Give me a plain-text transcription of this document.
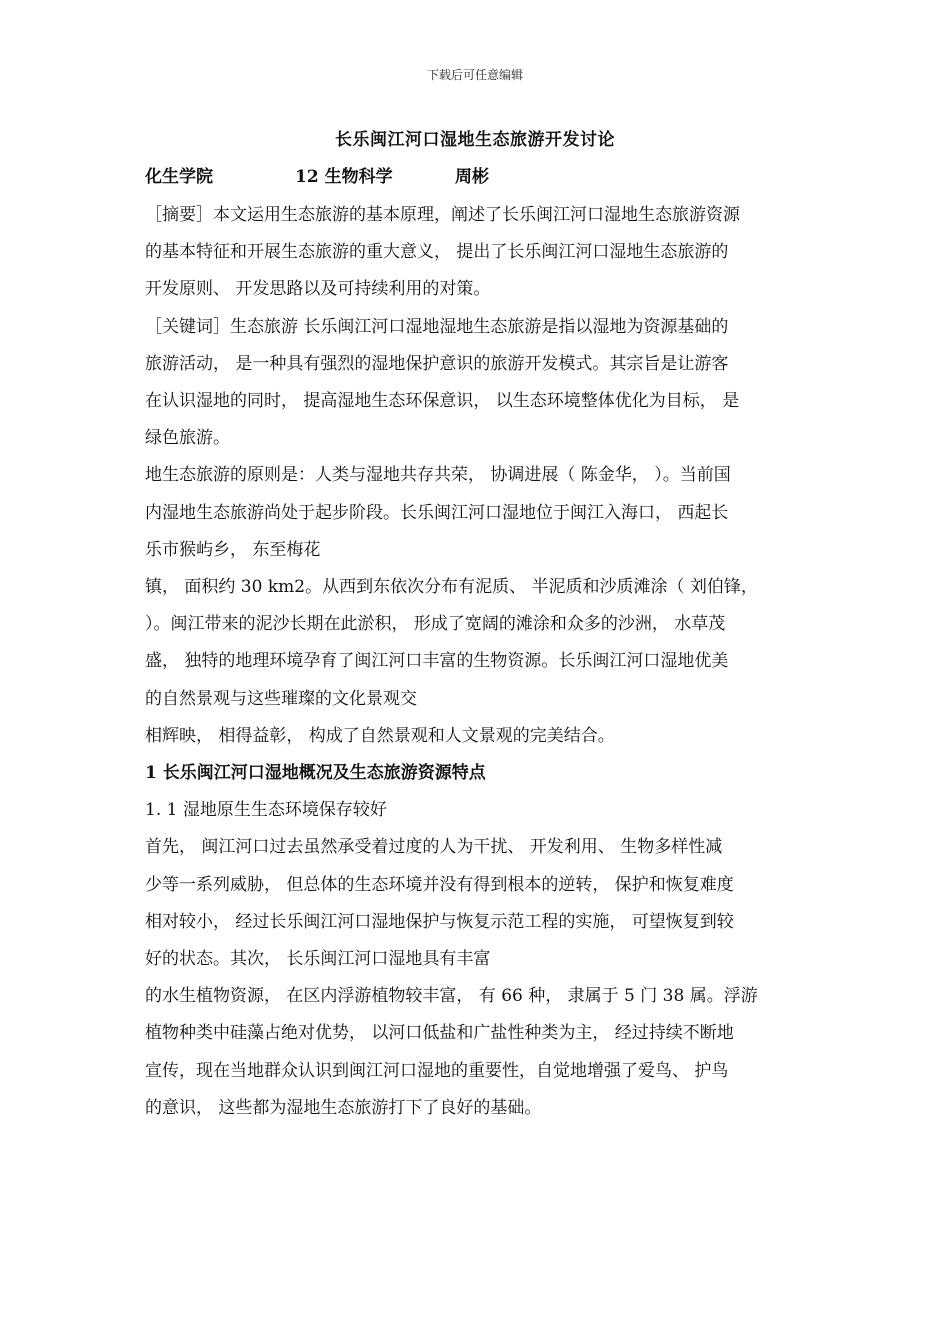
下载后可任意编辑
长乐闽江河口湿地生态旅游开发讨论
化生学院	12 生物科学	周彬

［摘要］本文运用生态旅游的基本原理，阐述了长乐闽江河口湿地生态旅游资源

的基本特征和开展生态旅游的重大意义， 提出了长乐闽江河口湿地生态旅游的

开发原则、 开发思路以及可持续利用的对策。

［关键词］生态旅游 长乐闽江河口湿地湿地生态旅游是指以湿地为资源基础的

旅游活动， 是一种具有强烈的湿地保护意识的旅游开发模式。其宗旨是让游客

在认识湿地的同时， 提高湿地生态环保意识， 以生态环境整体优化为目标， 是

绿色旅游。

地生态旅游的原则是：人类与湿地共存共荣， 协调进展（ 陈金华， ）。当前国

内湿地生态旅游尚处于起步阶段。长乐闽江河口湿地位于闽江入海口， 西起长

乐市猴屿乡， 东至梅花

镇， 面积约 30 km2。从西到东依次分布有泥质、 半泥质和沙质滩涂（ 刘伯锋，

）。闽江带来的泥沙长期在此淤积， 形成了宽阔的滩涂和众多的沙洲， 水草茂

盛， 独特的地理环境孕育了闽江河口丰富的生物资源。长乐闽江河口湿地优美

的自然景观与这些璀璨的文化景观交

相辉映， 相得益彰， 构成了自然景观和人文景观的完美结合。

1 长乐闽江河口湿地概况及生态旅游资源特点

1. 1 湿地原生生态环境保存较好

首先， 闽江河口过去虽然承受着过度的人为干扰、 开发利用、 生物多样性减

少等一系列威胁， 但总体的生态环境并没有得到根本的逆转， 保护和恢复难度

相对较小， 经过长乐闽江河口湿地保护与恢复示范工程的实施， 可望恢复到较

好的状态。其次， 长乐闽江河口湿地具有丰富

的水生植物资源， 在区内浮游植物较丰富， 有 66 种， 隶属于 5 门 38 属。浮游

植物种类中硅藻占绝对优势， 以河口低盐和广盐性种类为主， 经过持续不断地

宣传，现在当地群众认识到闽江河口湿地的重要性，自觉地增强了爱鸟、 护鸟

的意识， 这些都为湿地生态旅游打下了良好的基础。
